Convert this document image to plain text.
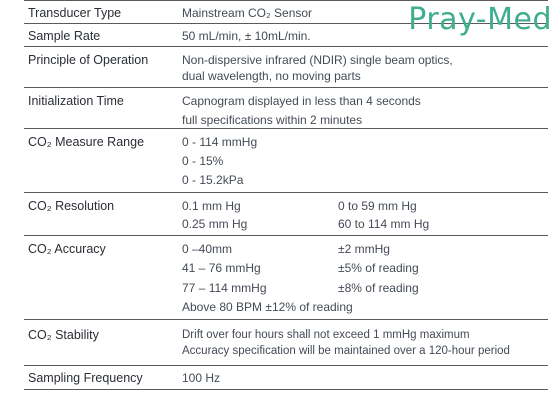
Transducer Type	Mainstream CO₂ Sensor
Sample Rate	50 mL/min, ± 10mL/min.
Principle of Operation	Non-dispersive infrared (NDIR) single beam optics,
dual wavelength, no moving parts
Initialization Time	Capnogram displayed in less than 4 seconds
full specifications within 2 minutes
CO₂ Measure Range	0 - 114 mmHg
0 - 15%
0 - 15.2kPa
CO₂ Resolution	0.1 mm Hg	0 to 59 mm Hg
0.25 mm Hg	60 to 114 mm Hg
CO₂ Accuracy	0 –40mm	±2 mmHg
41 – 76 mmHg	±5% of reading
77 – 114 mmHg	±8% of reading
Above 80 BPM ±12% of reading
CO₂ Stability	Drift over four hours shall not exceed 1 mmHg maximum
Accuracy specification will be maintained over a 120-hour period
Sampling Frequency	100 Hz
Pray-Med
